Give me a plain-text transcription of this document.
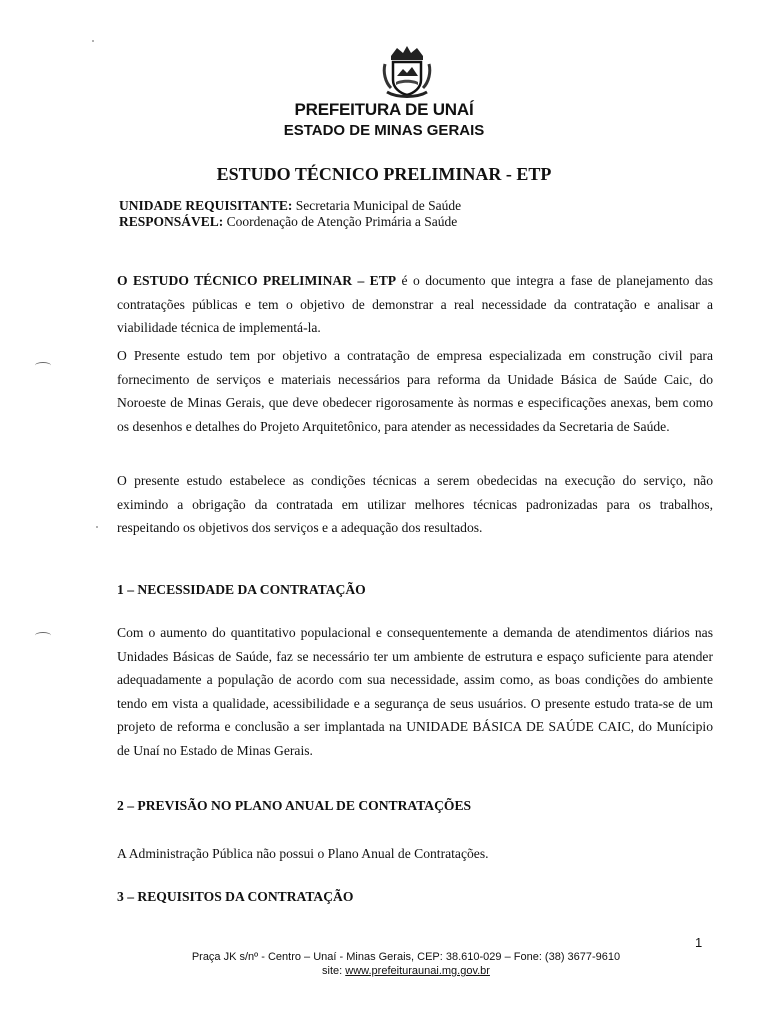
PREFEITURA DE UNAÍ
ESTADO DE MINAS GERAIS
ESTUDO TÉCNICO PRELIMINAR - ETP
UNIDADE REQUISITANTE: Secretaria Municipal de Saúde
RESPONSÁVEL: Coordenação de Atenção Primária a Saúde
O ESTUDO TÉCNICO PRELIMINAR – ETP é o documento que integra a fase de planejamento das contratações públicas e tem o objetivo de demonstrar a real necessidade da contratação e analisar a viabilidade técnica de implementá-la.
O Presente estudo tem por objetivo a contratação de empresa especializada em construção civil para fornecimento de serviços e materiais necessários para reforma da Unidade Básica de Saúde Caic, do Noroeste de Minas Gerais, que deve obedecer rigorosamente às normas e especificações anexas, bem como os desenhos e detalhes do Projeto Arquitetônico, para atender as necessidades da Secretaria de Saúde.
O presente estudo estabelece as condições técnicas a serem obedecidas na execução do serviço, não eximindo a obrigação da contratada em utilizar melhores técnicas padronizadas para os trabalhos, respeitando os objetivos dos serviços e a adequação dos resultados.
1 – NECESSIDADE DA CONTRATAÇÃO
Com o aumento do quantitativo populacional e consequentemente a demanda de atendimentos diários nas Unidades Básicas de Saúde, faz se necessário ter um ambiente de estrutura e espaço suficiente para atender adequadamente a população de acordo com sua necessidade, assim como, as boas condições do ambiente tendo em vista a qualidade, acessibilidade e a segurança de seus usuários. O presente estudo trata-se de um projeto de reforma e conclusão a ser implantada na UNIDADE BÁSICA DE SAÚDE CAIC, do Munícipio de Unaí no Estado de Minas Gerais.
2 – PREVISÃO NO PLANO ANUAL DE CONTRATAÇÕES
A Administração Pública não possui o Plano Anual de Contratações.
3 – REQUISITOS DA CONTRATAÇÃO
1
Praça JK s/nº - Centro – Unaí - Minas Gerais, CEP: 38.610-029 – Fone: (38) 3677-9610
site: www.prefeituraunai.mg.gov.br
